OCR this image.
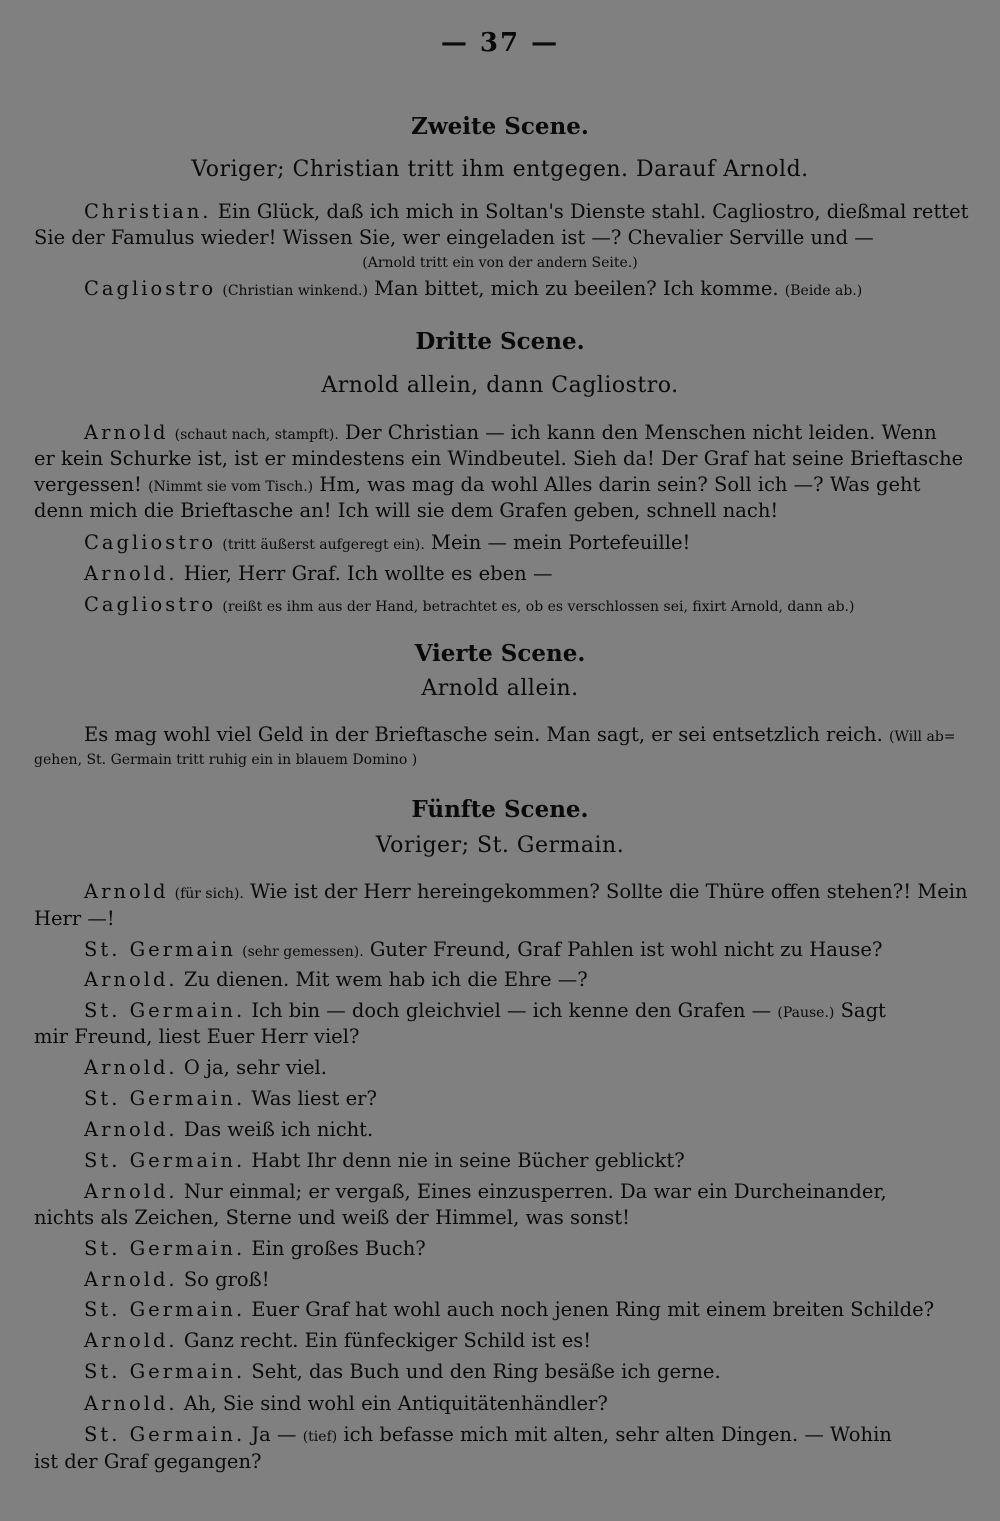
— 37 —
Zweite Scene.
Voriger; Christian tritt ihm entgegen. Darauf Arnold.
Christian. Ein Glück, daß ich mich in Soltan's Dienste stahl. Cagliostro, dießmal rettet
Sie der Famulus wieder! Wissen Sie, wer eingeladen ist —? Chevalier Serville und —
(Arnold tritt ein von der andern Seite.)
Cagliostro (Christian winkend.) Man bittet, mich zu beeilen? Ich komme. (Beide ab.)
Dritte Scene.
Arnold allein, dann Cagliostro.
Arnold (schaut nach, stampft). Der Christian — ich kann den Menschen nicht leiden. Wenn
er kein Schurke ist, ist er mindestens ein Windbeutel. Sieh da! Der Graf hat seine Brieftasche
vergessen! (Nimmt sie vom Tisch.) Hm, was mag da wohl Alles darin sein? Soll ich —? Was geht
denn mich die Brieftasche an! Ich will sie dem Grafen geben, schnell nach!
Cagliostro (tritt äußerst aufgeregt ein). Mein — mein Portefeuille!
Arnold. Hier, Herr Graf. Ich wollte es eben —
Cagliostro (reißt es ihm aus der Hand, betrachtet es, ob es verschlossen sei, fixirt Arnold, dann ab.)
Vierte Scene.
Arnold allein.
Es mag wohl viel Geld in der Brieftasche sein. Man sagt, er sei entsetzlich reich. (Will ab=
gehen, St. Germain tritt ruhig ein in blauem Domino )
Fünfte Scene.
Voriger; St. Germain.
Arnold (für sich). Wie ist der Herr hereingekommen? Sollte die Thüre offen stehen?! Mein
Herr —!
St. Germain (sehr gemessen). Guter Freund, Graf Pahlen ist wohl nicht zu Hause?
Arnold. Zu dienen. Mit wem hab ich die Ehre —?
St. Germain. Ich bin — doch gleichviel — ich kenne den Grafen — (Pause.) Sagt
mir Freund, liest Euer Herr viel?
Arnold. O ja, sehr viel.
St. Germain. Was liest er?
Arnold. Das weiß ich nicht.
St. Germain. Habt Ihr denn nie in seine Bücher geblickt?
Arnold. Nur einmal; er vergaß, Eines einzusperren. Da war ein Durcheinander,
nichts als Zeichen, Sterne und weiß der Himmel, was sonst!
St. Germain. Ein großes Buch?
Arnold. So groß!
St. Germain. Euer Graf hat wohl auch noch jenen Ring mit einem breiten Schilde?
Arnold. Ganz recht. Ein fünfeckiger Schild ist es!
St. Germain. Seht, das Buch und den Ring besäße ich gerne.
Arnold. Ah, Sie sind wohl ein Antiquitätenhändler?
St. Germain. Ja — (tief) ich befasse mich mit alten, sehr alten Dingen. — Wohin
ist der Graf gegangen?
